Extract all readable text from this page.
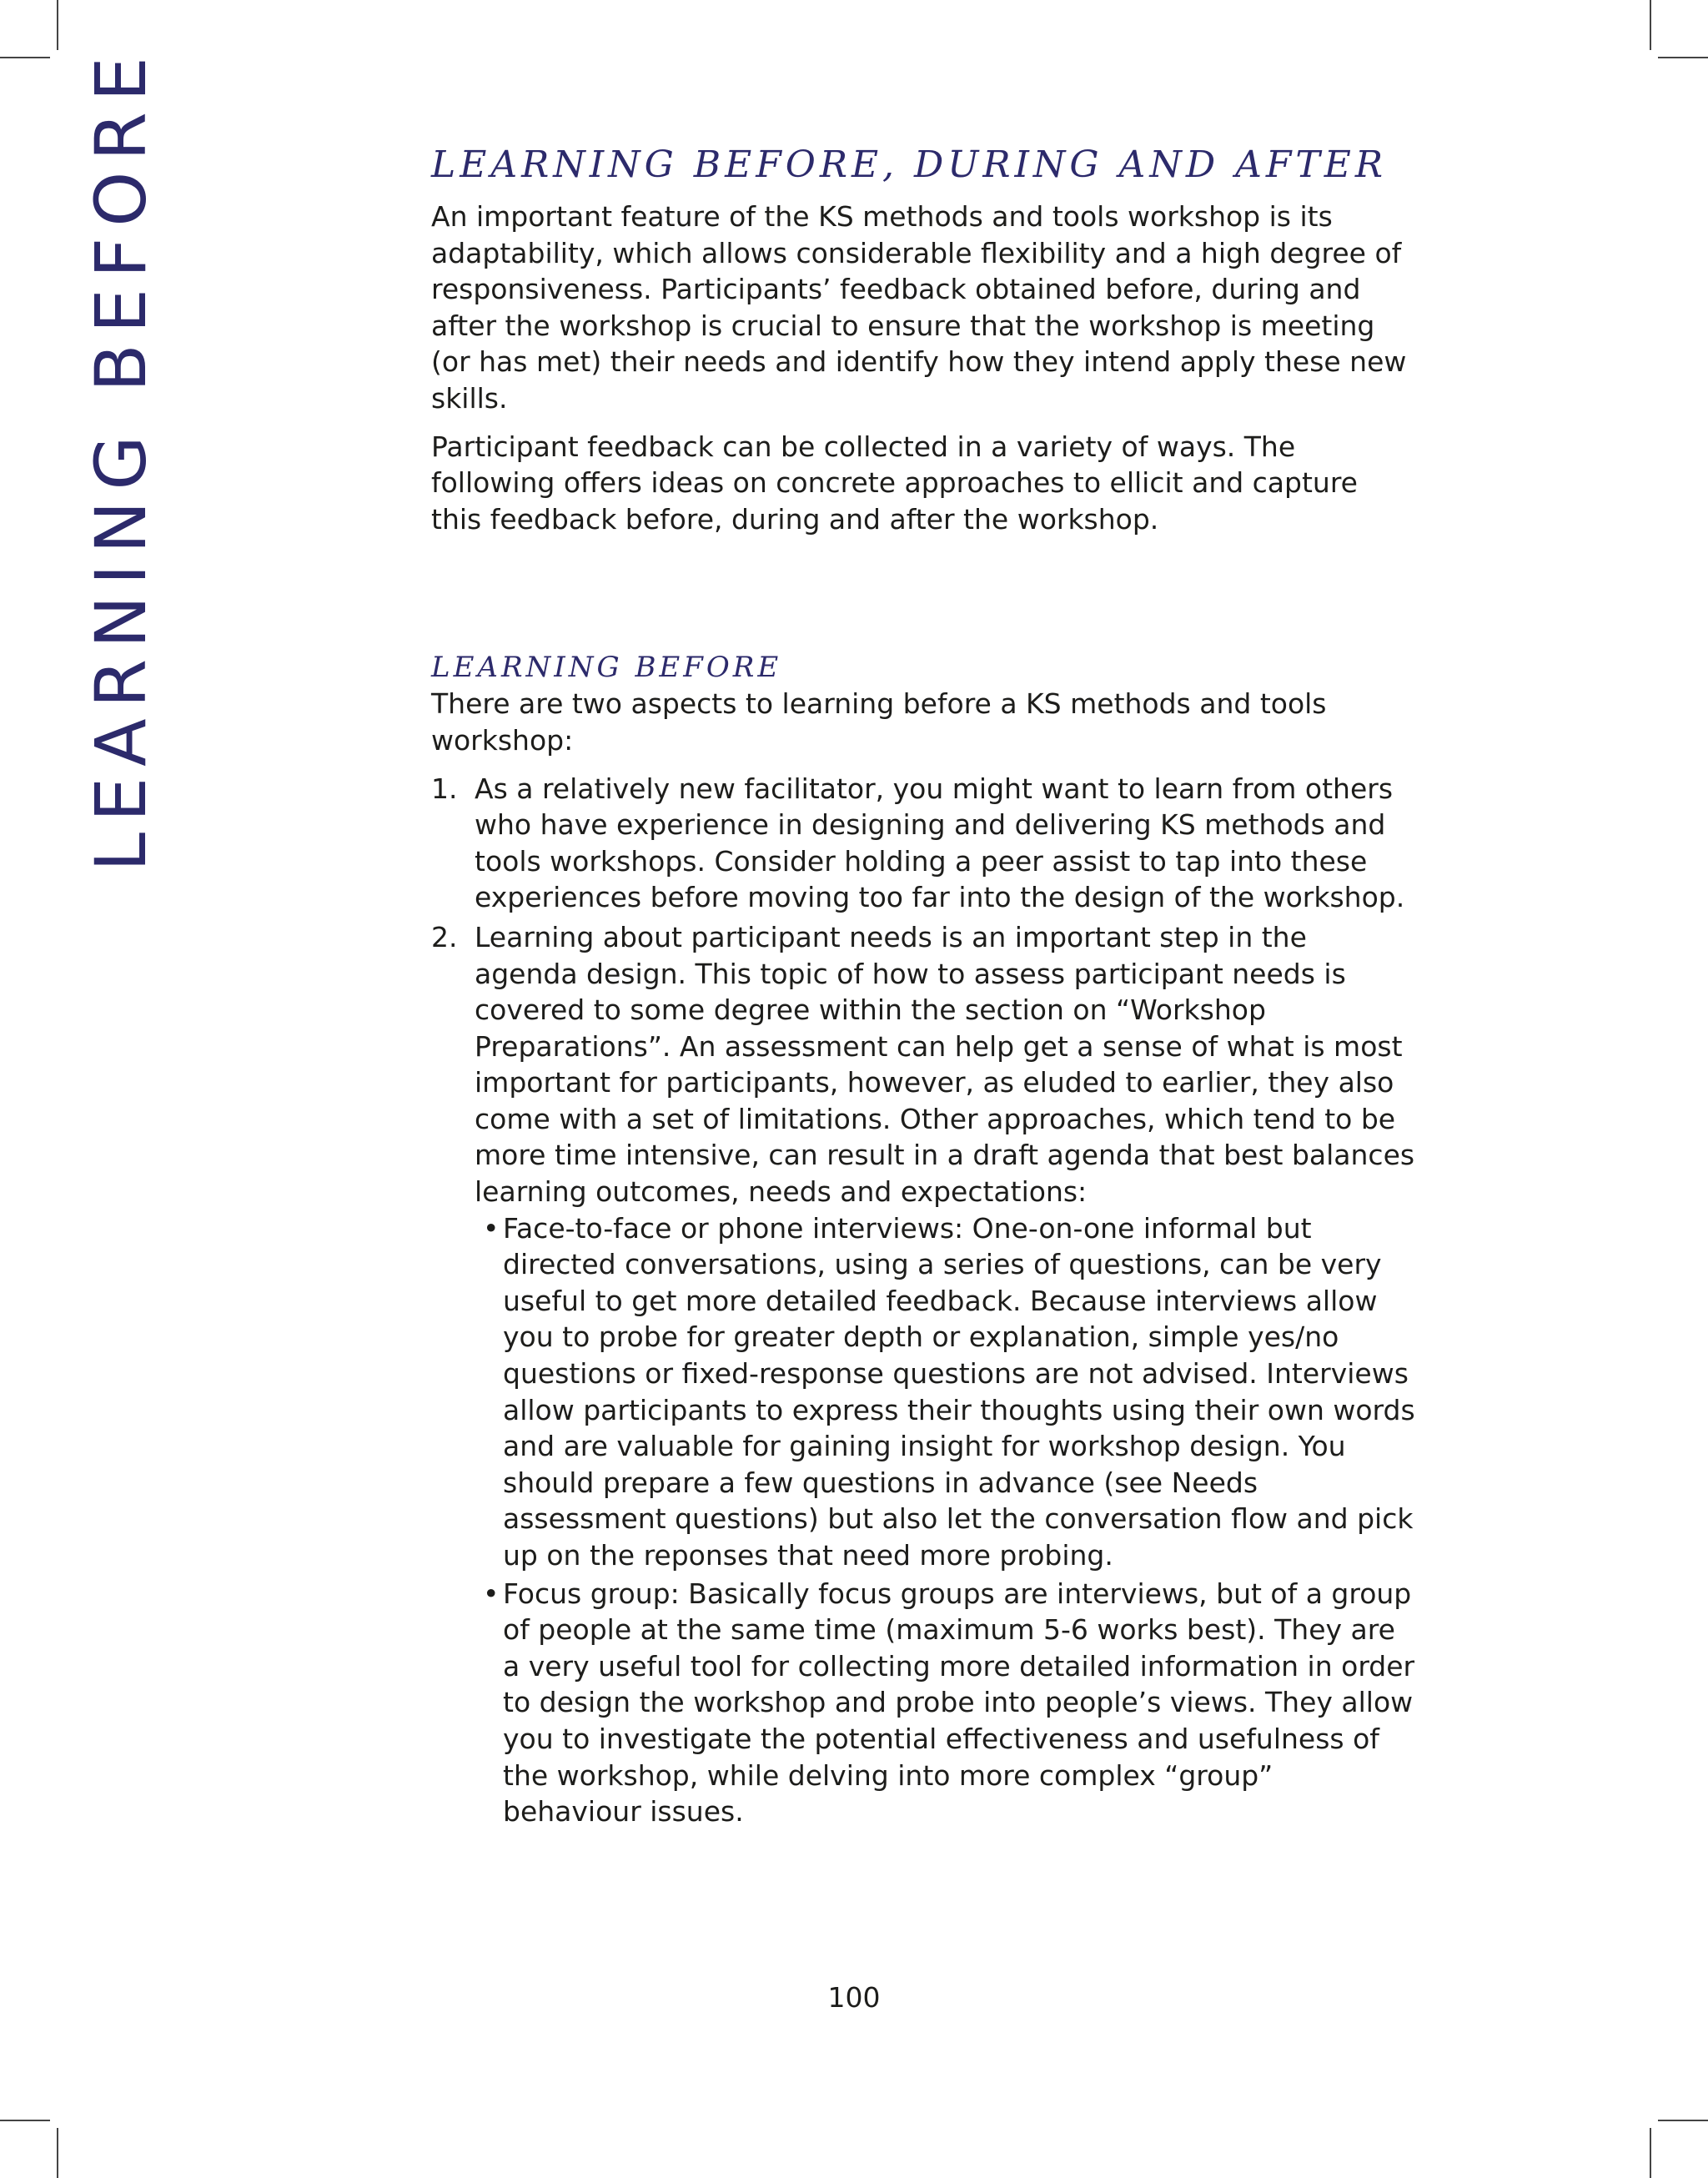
LEARNING BEFORE	LEARNING BEFORE, DURING AND AFTER

An important feature of the KS methods and tools workshop is its adaptability, which allows considerable flexibility and a high degree of responsiveness. Participants’ feedback obtained before, during and after the workshop is crucial to ensure that the workshop is meeting (or has met) their needs and identify how they intend apply these new skills.

Participant feedback can be collected in a variety of ways. The following offers ideas on concrete approaches to ellicit and capture this feedback before, during and after the workshop.

LEARNING BEFORE

There are two aspects to learning before a KS methods and tools workshop:

1. As a relatively new facilitator, you might want to learn from others who have experience in designing and delivering KS methods and tools workshops. Consider holding a peer assist to tap into these experiences before moving too far into the design of the workshop.
2. Learning about participant needs is an important step in the agenda design. This topic of how to assess participant needs is covered to some degree within the section on “Workshop Preparations”. An assessment can help get a sense of what is most important for participants, however, as eluded to earlier, they also come with a set of limitations. Other approaches, which tend to be more time intensive, can result in a draft agenda that best balances learning outcomes, needs and expectations:
• Face-to-face or phone interviews: One-on-one informal but directed conversations, using a series of questions, can be very useful to get more detailed feedback. Because interviews allow you to probe for greater depth or explanation, simple yes/no questions or fixed-response questions are not advised. Interviews allow participants to express their thoughts using their own words and are valuable for gaining insight for workshop design. You should prepare a few questions in advance (see Needs assessment questions) but also let the conversation flow and pick up on the reponses that need more probing.
• Focus group: Basically focus groups are interviews, but of a group of people at the same time (maximum 5-6 works best). They are a very useful tool for collecting more detailed information in order to design the workshop and probe into people’s views. They allow you to investigate the potential effectiveness and usefulness of the workshop, while delving into more complex “group” behaviour issues.
100
